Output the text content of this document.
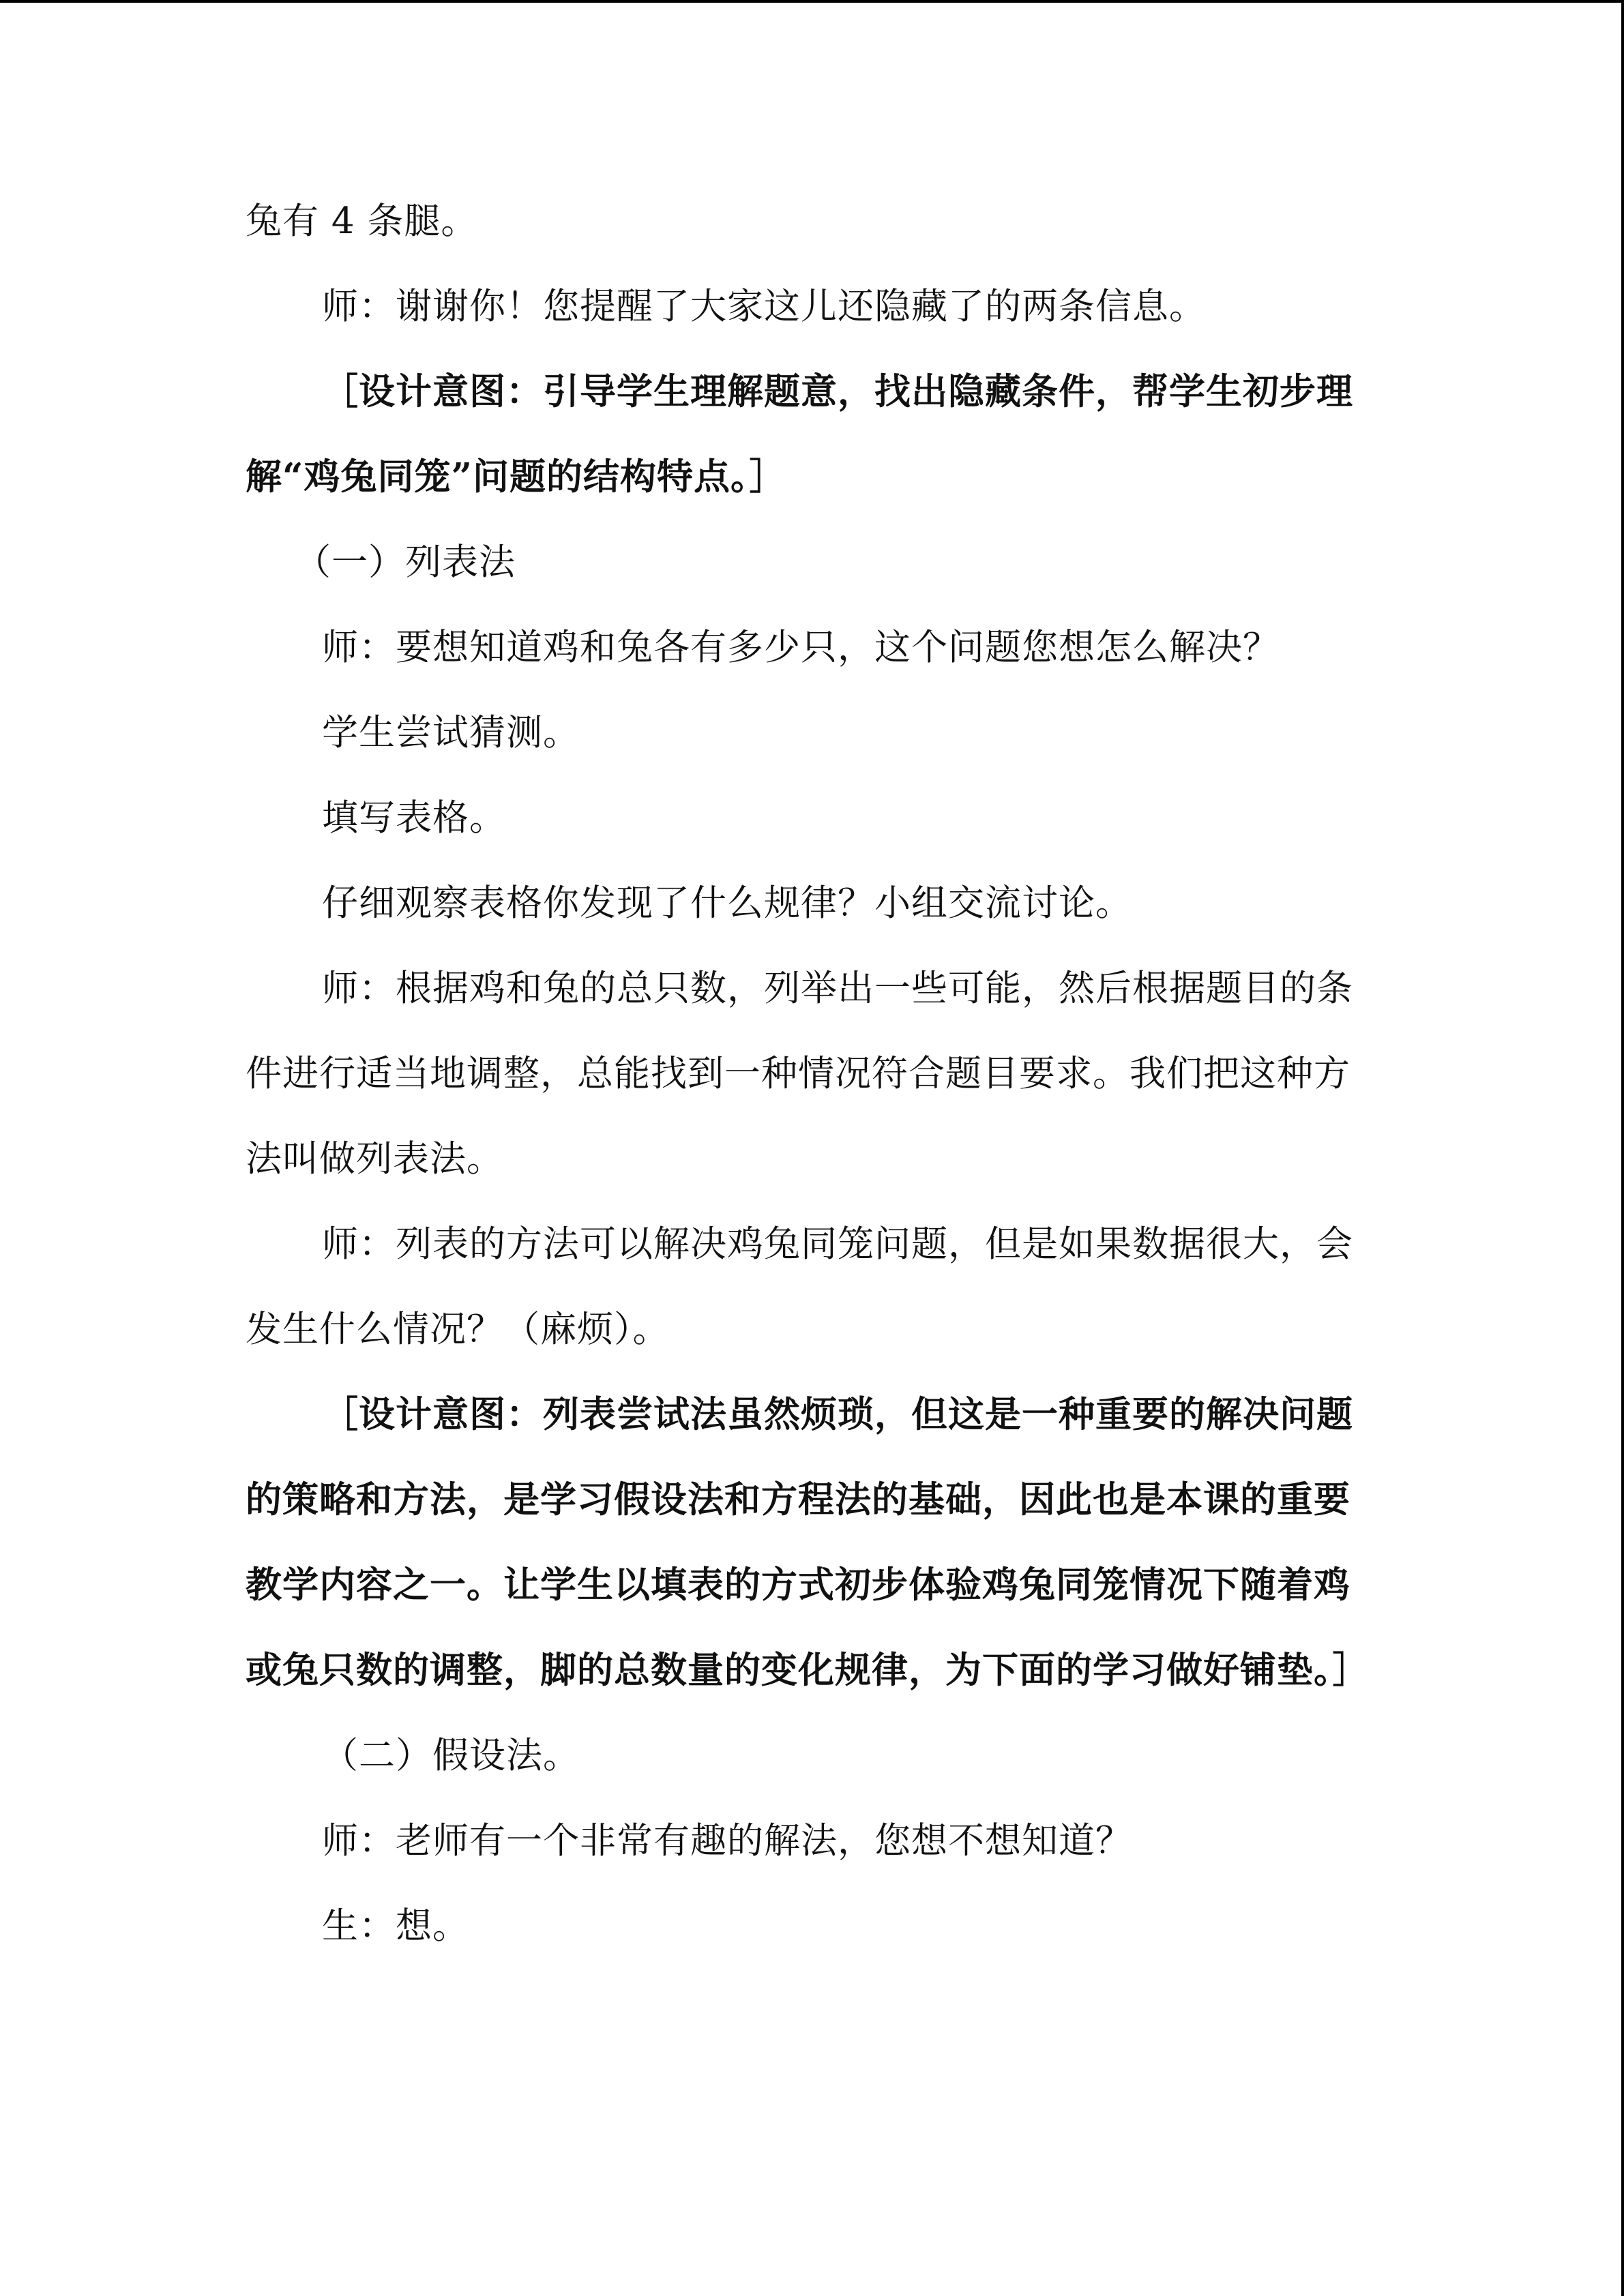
兔有 4 条腿。

师：谢谢你！您提醒了大家这儿还隐藏了的两条信息。

［设计意图：引导学生理解题意，找出隐藏条件，帮学生初步理解“鸡兔同笼”问题的结构特点。］

（一）列表法

师：要想知道鸡和兔各有多少只，这个问题您想怎么解决？

学生尝试猜测。

填写表格。

仔细观察表格你发现了什么规律？小组交流讨论。

师：根据鸡和兔的总只数，列举出一些可能，然后根据题目的条件进行适当地调整，总能找到一种情况符合题目要求。我们把这种方法叫做列表法。

师：列表的方法可以解决鸡兔同笼问题，但是如果数据很大，会发生什么情况？（麻烦）。

［设计意图：列表尝试法虽然烦琐，但这是一种重要的解决问题的策略和方法，是学习假设法和方程法的基础，因此也是本课的重要教学内容之一。让学生以填表的方式初步体验鸡兔同笼情况下随着鸡或兔只数的调整，脚的总数量的变化规律，为下面的学习做好铺垫。］

（二）假设法。

师：老师有一个非常有趣的解法，您想不想知道？

生：想。
